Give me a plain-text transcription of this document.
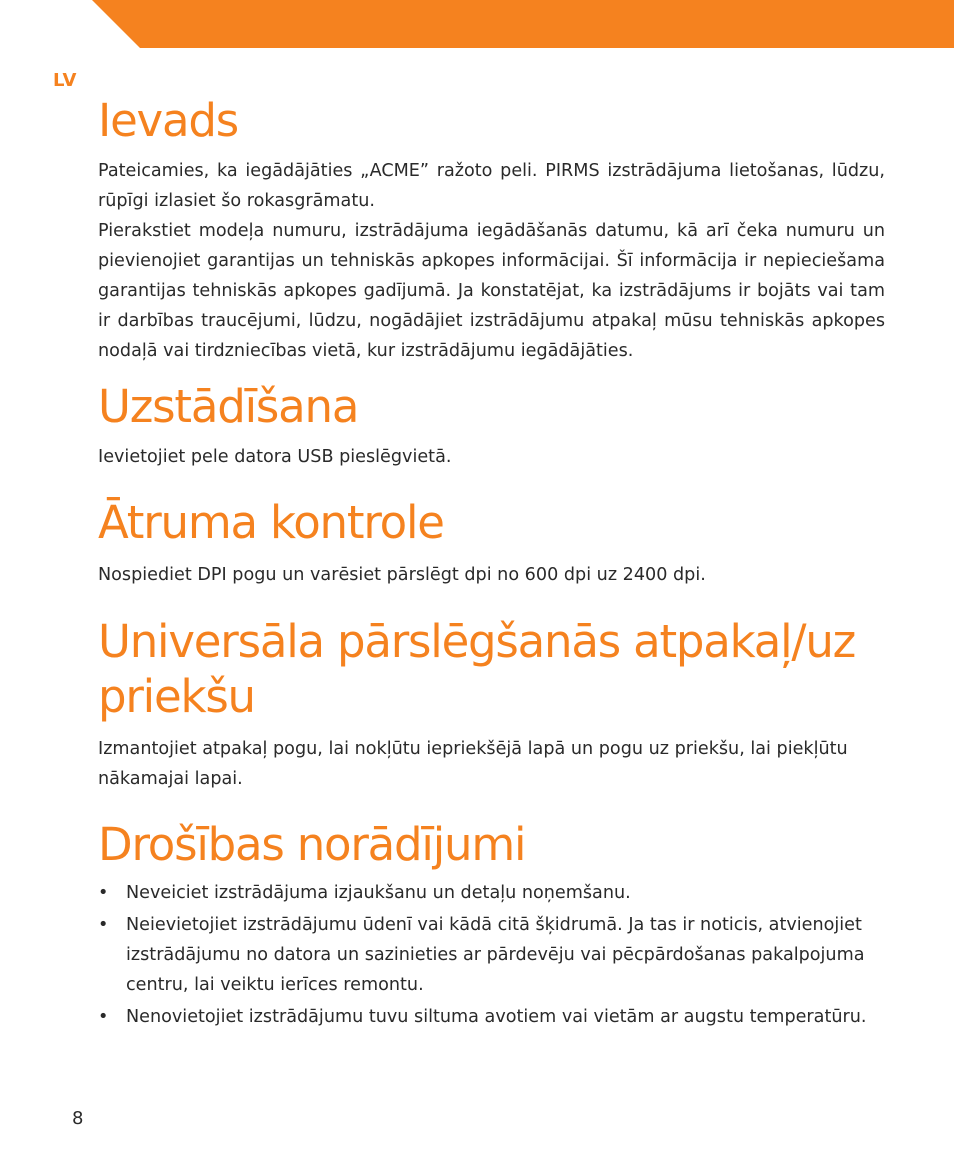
LV
Ievads

Pateicamies, ka iegādājāties „ACME” ražoto peli. PIRMS izstrādājuma lietošanas, lūdzu, rūpīgi izlasiet šo rokasgrāmatu.

Pierakstiet modeļa numuru, izstrādājuma iegādāšanās datumu, kā arī čeka numuru un pievienojiet garantijas un tehniskās apkopes informācijai. Šī informācija ir nepieciešama garantijas tehniskās apkopes gadījumā. Ja konstatējat, ka izstrādājums ir bojāts vai tam ir darbības traucējumi, lūdzu, nogādājiet izstrādājumu atpakaļ mūsu tehniskās apkopes nodaļā vai tirdzniecības vietā, kur izstrādājumu iegādājāties.

Uzstādīšana

Ievietojiet pele datora USB pieslēgvietā.

Ātruma kontrole

Nospiediet DPI pogu un varēsiet pārslēgt dpi no 600 dpi uz 2400 dpi.

Universāla pārslēgšanās atpakaļ/uz
priekšu

Izmantojiet atpakaļ pogu, lai nokļūtu iepriekšējā lapā un pogu uz priekšu, lai piekļūtu nākamajai lapai.

Drošības norādījumi
• Neveiciet izstrādājuma izjaukšanu un detaļu noņemšanu.
• Neievietojiet izstrādājumu ūdenī vai kādā citā šķidrumā. Ja tas ir noticis, atvienojiet izstrādājumu no datora un sazinieties ar pārdevēju vai pēcpārdošanas pakalpojuma centru, lai veiktu ierīces remontu.
• Nenovietojiet izstrādājumu tuvu siltuma avotiem vai vietām ar augstu temperatūru.
8
